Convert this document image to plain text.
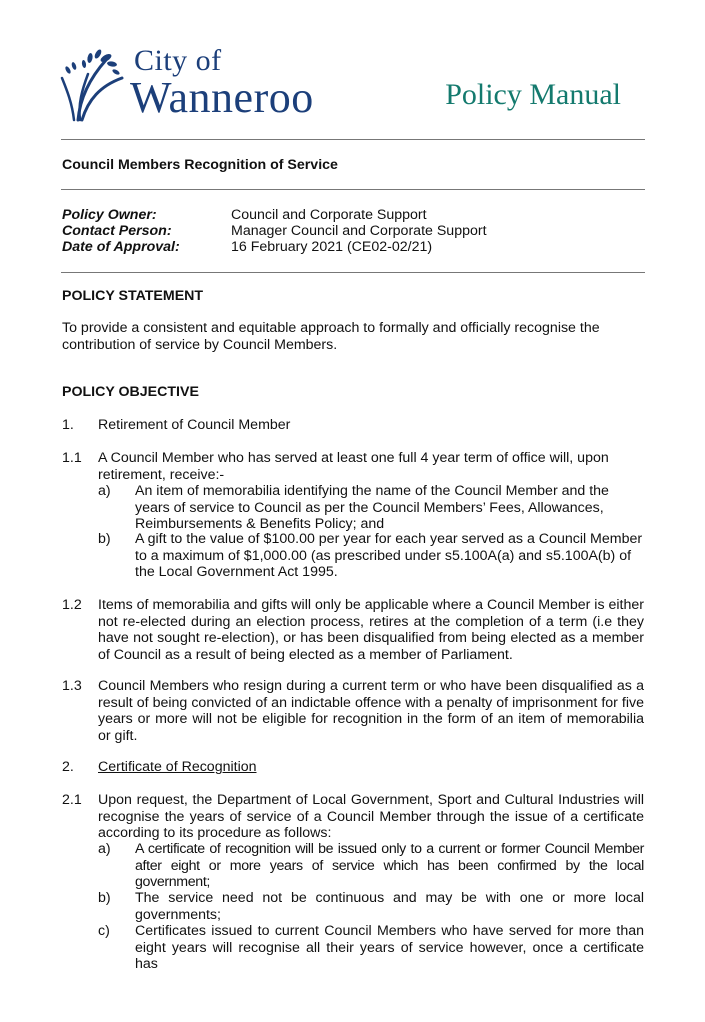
City of
Wanneroo	Policy Manual
Council Members Recognition of Service
Policy Owner:	Council and Corporate Support
Contact Person:	Manager Council and Corporate Support
Date of Approval:	16 February 2021 (CE02-02/21)
POLICY STATEMENT
To provide a consistent and equitable approach to formally and officially recognise the contribution of service by Council Members.
POLICY OBJECTIVE
1. Retirement of Council Member
1.1 A Council Member who has served at least one full 4 year term of office will, upon retirement, receive:-
a) An item of memorabilia identifying the name of the Council Member and the years of service to Council as per the Council Members’ Fees, Allowances, Reimbursements & Benefits Policy; and
b) A gift to the value of $100.00 per year for each year served as a Council Member to a maximum of $1,000.00 (as prescribed under s5.100A(a) and s5.100A(b) of the Local Government Act 1995.
1.2 Items of memorabilia and gifts will only be applicable where a Council Member is either not re-elected during an election process, retires at the completion of a term (i.e they have not sought re-election), or has been disqualified from being elected as a member of Council as a result of being elected as a member of Parliament.
1.3 Council Members who resign during a current term or who have been disqualified as a result of being convicted of an indictable offence with a penalty of imprisonment for five years or more will not be eligible for recognition in the form of an item of memorabilia or gift.
2. Certificate of Recognition
2.1 Upon request, the Department of Local Government, Sport and Cultural Industries will recognise the years of service of a Council Member through the issue of a certificate according to its procedure as follows:
a) A certificate of recognition will be issued only to a current or former Council Member after eight or more years of service which has been confirmed by the local government;
b) The service need not be continuous and may be with one or more local governments;
c) Certificates issued to current Council Members who have served for more than eight years will recognise all their years of service however, once a certificate has
